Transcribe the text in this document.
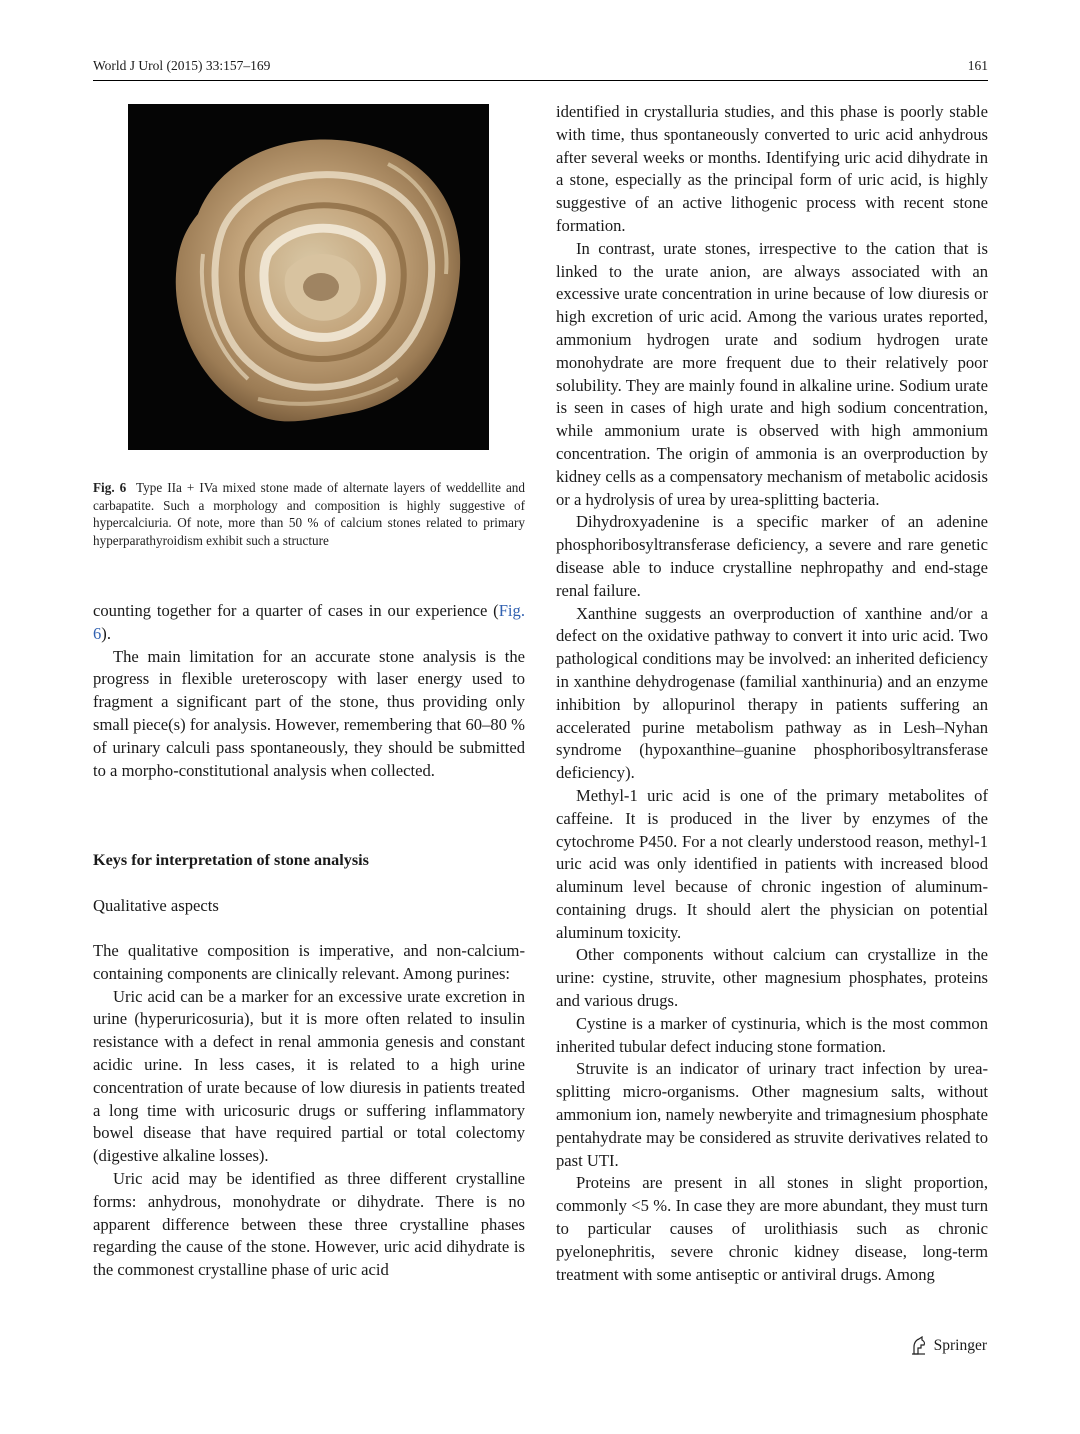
World J Urol (2015) 33:157–169	161
Fig. 6 Type IIa + IVa mixed stone made of alternate layers of weddellite and carbapatite. Such a morphology and composition is highly suggestive of hypercalciuria. Of note, more than 50 % of calcium stones related to primary hyperparathyroidism exhibit such a structure

counting together for a quarter of cases in our experience (Fig. 6).

The main limitation for an accurate stone analysis is the progress in flexible ureteroscopy with laser energy used to fragment a significant part of the stone, thus providing only small piece(s) for analysis. However, remembering that 60–80 % of urinary calculi pass spontaneously, they should be submitted to a morpho-constitutional analysis when collected.

Keys for interpretation of stone analysis
Qualitative aspects

The qualitative composition is imperative, and non-calcium-containing components are clinically relevant. Among purines:

Uric acid can be a marker for an excessive urate excretion in urine (hyperuricosuria), but it is more often related to insulin resistance with a defect in renal ammonia genesis and constant acidic urine. In less cases, it is related to a high urine concentration of urate because of low diuresis in patients treated a long time with uricosuric drugs or suffering inflammatory bowel disease that have required partial or total colectomy (digestive alkaline losses).

Uric acid may be identified as three different crystalline forms: anhydrous, monohydrate or dihydrate. There is no apparent difference between these three crystalline phases regarding the cause of the stone. However, uric acid dihydrate is the commonest crystalline phase of uric acid

identified in crystalluria studies, and this phase is poorly stable with time, thus spontaneously converted to uric acid anhydrous after several weeks or months. Identifying uric acid dihydrate in a stone, especially as the principal form of uric acid, is highly suggestive of an active lithogenic process with recent stone formation.

In contrast, urate stones, irrespective to the cation that is linked to the urate anion, are always associated with an excessive urate concentration in urine because of low diuresis or high excretion of uric acid. Among the various urates reported, ammonium hydrogen urate and sodium hydrogen urate monohydrate are more frequent due to their relatively poor solubility. They are mainly found in alkaline urine. Sodium urate is seen in cases of high urate and high sodium concentration, while ammonium urate is observed with high ammonium concentration. The origin of ammonia is an overproduction by kidney cells as a compensatory mechanism of metabolic acidosis or a hydrolysis of urea by urea-splitting bacteria.

Dihydroxyadenine is a specific marker of an adenine phosphoribosyltransferase deficiency, a severe and rare genetic disease able to induce crystalline nephropathy and end-stage renal failure.

Xanthine suggests an overproduction of xanthine and/or a defect on the oxidative pathway to convert it into uric acid. Two pathological conditions may be involved: an inherited deficiency in xanthine dehydrogenase (familial xanthinuria) and an enzyme inhibition by allopurinol therapy in patients suffering an accelerated purine metabolism pathway as in Lesh–Nyhan syndrome (hypoxanthine–guanine phosphoribosyltransferase deficiency).

Methyl-1 uric acid is one of the primary metabolites of caffeine. It is produced in the liver by enzymes of the cytochrome P450. For a not clearly understood reason, methyl-1 uric acid was only identified in patients with increased blood aluminum level because of chronic ingestion of aluminum-containing drugs. It should alert the physician on potential aluminum toxicity.

Other components without calcium can crystallize in the urine: cystine, struvite, other magnesium phosphates, proteins and various drugs.

Cystine is a marker of cystinuria, which is the most common inherited tubular defect inducing stone formation.

Struvite is an indicator of urinary tract infection by urea-splitting micro-organisms. Other magnesium salts, without ammonium ion, namely newberyite and trimagnesium phosphate pentahydrate may be considered as struvite derivatives related to past UTI.

Proteins are present in all stones in slight proportion, commonly <5 %. In case they are more abundant, they must turn to particular causes of urolithiasis such as chronic pyelonephritis, severe chronic kidney disease, long-term treatment with some antiseptic or antiviral drugs. Among

Springer
